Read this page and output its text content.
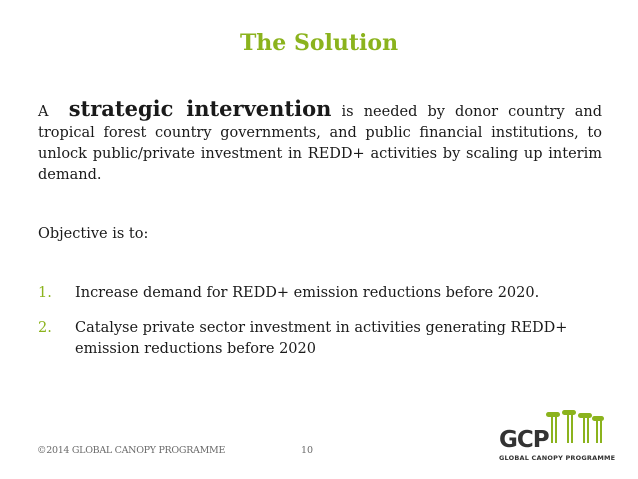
The Solution
A strategic intervention is needed by donor country and tropical forest country governments, and public financial institutions, to unlock public/private investment in REDD+ activities by scaling up interim demand.
Objective is to:
1. Increase demand for REDD+ emission reductions before 2020.
2. Catalyse private sector investment in activities generating REDD+ emission reductions before 2020
©2014 GLOBAL CANOPY PROGRAMME	10	GCP
GLOBAL CANOPY PROGRAMME
